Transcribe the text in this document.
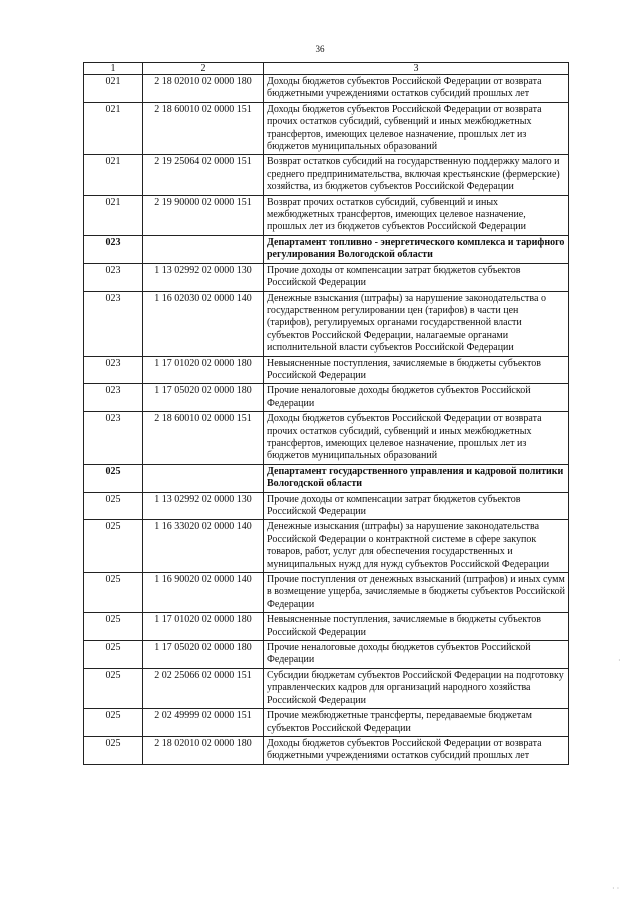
36
1	2	3
021	2 18 02010 02 0000 180	Доходы бюджетов субъектов Российской Федерации от возврата бюджетными учреждениями остатков субсидий прошлых лет
021	2 18 60010 02 0000 151	Доходы бюджетов субъектов Российской Федерации от возврата прочих остатков субсидий, субвенций и иных межбюджетных трансфертов, имеющих целевое назначение, прошлых лет из бюджетов муниципальных образований
021	2 19 25064 02 0000 151	Возврат остатков субсидий на государственную поддержку малого и среднего предпринимательства, включая крестьянские (фермерские) хозяйства, из бюджетов субъектов Российской Федерации
021	2 19 90000 02 0000 151	Возврат прочих остатков субсидий, субвенций и иных межбюджетных трансфертов, имеющих целевое назначение, прошлых лет из бюджетов субъектов Российской Федерации
023		Департамент топливно - энергетического комплекса и тарифного регулирования Вологодской области
023	1 13 02992 02 0000 130	Прочие доходы от компенсации затрат бюджетов субъектов Российской Федерации
023	1 16 02030 02 0000 140	Денежные взыскания (штрафы) за нарушение законодательства о государственном регулировании цен (тарифов) в части цен (тарифов), регулируемых органами государственной власти субъектов Российской Федерации, налагаемые органами исполнительной власти субъектов Российской Федерации
023	1 17 01020 02 0000 180	Невыясненные поступления, зачисляемые в бюджеты субъектов Российской Федерации
023	1 17 05020 02 0000 180	Прочие неналоговые доходы бюджетов субъектов Российской Федерации
023	2 18 60010 02 0000 151	Доходы бюджетов субъектов Российской Федерации от возврата прочих остатков субсидий, субвенций и иных межбюджетных трансфертов, имеющих целевое назначение, прошлых лет из бюджетов муниципальных образований
025		Департамент государственного управления и кадровой политики Вологодской области
025	1 13 02992 02 0000 130	Прочие доходы от компенсации затрат бюджетов субъектов Российской Федерации
025	1 16 33020 02 0000 140	Денежные изыскания (штрафы) за нарушение законодательства Российской Федерации о контрактной системе в сфере закупок товаров, работ, услуг для обеспечения государственных и муниципальных нужд для нужд субъектов Российской Федерации
025	1 16 90020 02 0000 140	Прочие поступления от денежных взысканий (штрафов) и иных сумм в возмещение ущерба, зачисляемые в бюджеты субъектов Российской Федерации
025	1 17 01020 02 0000 180	Невыясненные поступления, зачисляемые в бюджеты субъектов Российской Федерации
025	1 17 05020 02 0000 180	Прочие неналоговые доходы бюджетов субъектов Российской Федерации
025	2 02 25066 02 0000 151	Субсидии бюджетам субъектов Российской Федерации на подготовку управленческих кадров для организаций народного хозяйства Российской Федерации
025	2 02 49999 02 0000 151	Прочие межбюджетные трансферты, передаваемые бюджетам субъектов Российской Федерации
025	2 18 02010 02 0000 180	Доходы бюджетов субъектов Российской Федерации от возврата бюджетными учреждениями остатков субсидий прошлых лет
·
· ·
